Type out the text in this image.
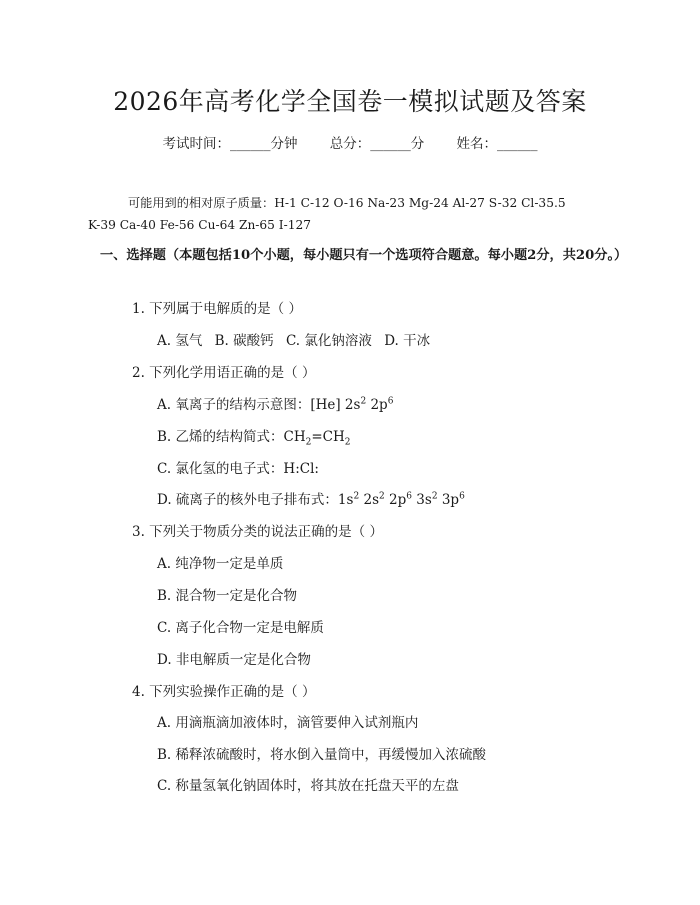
2026年高考化学全国卷一模拟试题及答案
考试时间：______分钟 总分：______分 姓名：______
可能用到的相对原子质量：H-1 C-12 O-16 Na-23 Mg-24 Al-27 S-32 Cl-35.5
K-39 Ca-40 Fe-56 Cu-64 Zn-65 I-127
一、选择题（本题包括10个小题，每小题只有一个选项符合题意。每小题2分，共20分。）
1. 下列属于电解质的是（ ）
A. 氢气 B. 碳酸钙 C. 氯化钠溶液 D. 干冰
2. 下列化学用语正确的是（ ）
A. 氧离子的结构示意图：[He] $2s^2$ $2p^6$
B. 乙烯的结构简式：$CH_2=CH_2$
C. 氯化氢的电子式：H:Cl:
D. 硫离子的核外电子排布式：$1s^2$ $2s^2$ $2p^6$ $3s^2$ $3p^6$
3. 下列关于物质分类的说法正确的是（ ）
A. 纯净物一定是单质
B. 混合物一定是化合物
C. 离子化合物一定是电解质
D. 非电解质一定是化合物
4. 下列实验操作正确的是（ ）
A. 用滴瓶滴加液体时，滴管要伸入试剂瓶内
B. 稀释浓硫酸时，将水倒入量筒中，再缓慢加入浓硫酸
C. 称量氢氧化钠固体时，将其放在托盘天平的左盘
